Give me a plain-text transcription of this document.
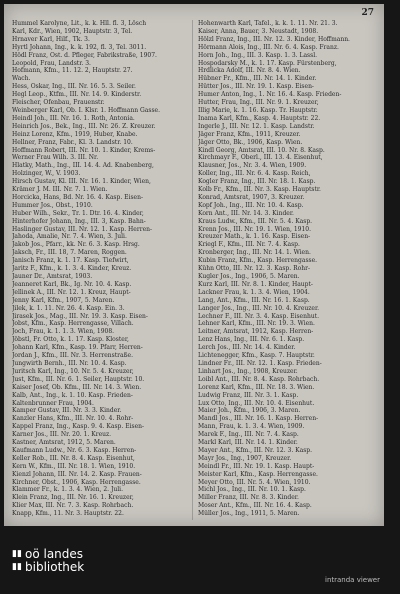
27
Hummel Karolyne, Lit., k. k. Hll. fl. 3, Lösch
Karl, Kdr., Wien, 1902, Hauptstr. 3, Tel.
Hrnaver Karl, Hilf., Tk. 3.
Hyrtl Johann, Ing., k. k. 192, fl. 3, Tel. 3011.
Hödl Franz, Ost. d. Pfleger, Fabrikstraße, 1907.
Leopold, Frau, Landstr. 3.
Hofmann, Kfm., 11. 12. 2, Hauptstr. 27.
Wach.
Hess, Oskar, Ing., III. Nr. 16. 5. 3. Seiler.
Hegl Leop., Ktfm., III. Nr. 14. 9. Kinderstr.
Fleischer, Ofenbau, Frauenstr.
Weinberger Karl, Ob. I. Klsr. 1. Hoffmann Gasse.
Heindl Joh., III. Nr. 16. 1. Roth, Antonia.
Heinrich Jos., Bek., Ing., III. Nr. 26. Z. Kreuzer.
Heinz Lorenz, Kfm., 1919, Huber, Knabe.
Hellner, Franz, Fabr., Kl. 3. Landstr. 10.
Hoffmann Robert, III. Nr. 10. 1. Kinder, Krems-
Werner Frau Wilh. 3. III. Nr.
Hlatky, Math., Ing., III. 14. 4. Ad. Knabenberg,
Holzinger, W., V. 1903.
Hirsch Gustav, Kl. III. Nr. 16. 1. Kinder, Wien,
Krämer J. M. III. Nr. 7. 1. Wien.
Horcicka, Hans, Bd. Nr. 16. 4. Kasp. Eisen-
Hummer Jos., Obst., 1910.
Huber Wilh., Sekr., Tr. 1. Dtr. 16. 4. Kinder,
Hinterhofer Johann, Ing., III. 3, Kasp. Bahn-
Haslinger Gustav, III. Nr. 12. 1. Kasp. Herren-
Jahoda, Amalie, Nr. 7. 4. Wien, 3. Juli.
Jakob Jos., Pfarr., kk. Nr. 6. 3. Kasp. Hrsg.
Jaksch, Fr., III. 18, 7. Maren, Roggen.
Janisch Franz, k. 1. 17. Kasp. Tiefwirt,
Jaritz F., Kfm., k. 1. 3. 4. Kinder, Kreuz.
Jauner Dr., Amtsrat, 1903.
Jeanneret Karl, Bk., Ig. Nr. 10. 4. Kasp.
Jellinek A., III. Nr. 12. 1. Kreuz, Haupt-
Jenny Karl, Kfm., 1907, 5. Maren.
Jilek, k. 1. 11. Nr. 26. 4. Kasp. Ein. 3.
Jirasek Jos., Mag., III. Nr. 19. 3. Kasp. Eisen-
Jobst, Kfm., Kasp. Herrengasse, Villach.
Joch, Frau, k. 1. 1. 3. Wien, 1908.
Jöbstl, Fr. Otto, k. 1. 17. Kasp. Kloster,
Johann Karl, Kfm., Kasp. 19. Pfarr, Herren-
Jordan J., Kfm., III. Nr. 3. Herrenstraße.
Jungwirth Bernh., III. Nr. 10. 4. Kasp.
Juritsch Karl, Ing., 10. Nr. 5. 4. Kreuzer,
Just, Kfm., III. Nr. 6. 1. Seiler, Hauptstr. 10.
Kaiser Josef, Ob. Kfm., III. Nr. 14. 3. Wien.
Kalb, Ant., Ing., k. 1. 10. Kasp. Frieden-
Kaltenbrunner Frau, 1904.
Kamper Gustav, III. Nr. 3. 3. Kinder.
Kanzler Hans, Kfm., III. Nr. 10. 4. Rohr-
Kappel Franz, Ing., Kasp. 9. 4. Kasp. Eisen-
Karner Jos., III. Nr. 20. 1. Kreuz.
Kastner, Amtsrat, 1912, 5. Maren.
Kaufmann Ludw., Nr. 6. 3. Kasp. Herren-
Keller Rob., III. Nr. 8. 4. Kasp. Eisenhut,
Kern W., Kfm., III. Nr. 18. 1. Wien, 1910.
Kienzl Johann, III. Nr. 14. 2. Kasp. Frauen-
Kirchner, Obst., 1906, Kasp. Herrengasse.
Klammer Fr., k. 1. 3. 4. Wien, 2. Juli.
Klein Franz, Ing., III. Nr. 16. 1. Kreuzer,
Klier Max, III. Nr. 7. 3. Kasp. Rohrbach.
Knapp, Kfm., 11. Nr. 3. Hauptstr. 22.
Hohenwarth Karl, Tafel., k. k. 1. 11. Nr. 21. 3.
Kaiser, Anna, Bauer, 3. Neustadt, 1908.
Hölzl Franz, Ing., III. Nr. 12. 3. Kinder, Hoffmann.
Hörmann Alois, Ing., III. Nr. 6. 4. Kasp. Franz.
Horn Joh., Ing., III. 3. Kasp. 1. 3. Lassl.
Hospodarsky M., k. 1. 17. Kasp. Fürstenberg,
Hrdlicka Adolf, III. Nr. 8. 4. Wien.
Hübner Fr., Kfm., III. Nr. 14. 1. Kinder.
Hütter Jos., III. Nr. 19. 1. Kasp. Eisen-
Humer Anton, Ing., 1. Nr. 16. 4. Kasp. Frieden-
Hutter, Frau, Ing., III. Nr. 9. 1. Kreuzer,
Illig Marie, k. 1. 16. Kasp. Tr. Hauptstr.
Inama Karl, Kfm., Kasp. 4. Hauptstr. 22.
Ingerle J., III. Nr. 12. 1. Kasp. Landstr.
Jäger Franz, Kfm., 1911, Kreuzer.
Jäger Otto, Bk., 1906, Kasp. Wien.
Kindl Georg, Amtsrat, III. 10. Nr. 8. Kasp.
Kirchmayr F., Oberl., III. 13. 4. Eisenhut,
Klausner, Jos., Nr. 3. 4. Wien, 1909.
Koller, Ing., III. Nr. 6. 4. Kasp. Reich,
Kogler Franz, Ing., III. Nr. 18. 1. Kasp.
Kolb Fr., Kfm., III. Nr. 3. Kasp. Hauptstr.
Konrad, Amtsrat, 1907, 3. Kreuzer.
Kopf Joh., Ing., III. Nr. 10. 4. Kasp.
Korn Ant., III. Nr. 14. 3. Kinder.
Kraus Ludw., Kfm., III. Nr. 5. 4. Kasp.
Krenn Jos., III. Nr. 19. 1. Wien, 1910.
Kreuzer Math., k. 1. 16. Kasp. Eisen-
Kriegl F., Kfm., III. Nr. 7. 4. Kasp.
Kronberger, Ing., III. Nr. 14. 1. Wien.
Kubin Franz, Kfm., Kasp. Herrengasse.
Kühn Otto, III. Nr. 12. 3. Kasp. Rohr-
Kugler Jos., Ing., 1906, 5. Maren.
Kurz Karl, III. Nr. 8. 1. Kinder, Haupt-
Lackner Frau, k. 1. 3. 4. Wien, 1904.
Lang, Ant., Kfm., III. Nr. 16. 1. Kasp.
Langer Jos., Ing., III. Nr. 10. 4. Kreuzer.
Lechner F., III. Nr. 3. 4. Kasp. Eisenhut.
Lehner Karl, Kfm., III. Nr. 19. 3. Wien.
Leitner, Amtsrat, 1912, Kasp. Herren-
Lenz Hans, Ing., III. Nr. 6. 1. Kasp.
Lerch Jos., III. Nr. 14. 4. Kinder.
Lichtenegger, Kfm., Kasp. 7. Hauptstr.
Lindner Fr., III. Nr. 12. 1. Kasp. Frieden-
Linhart Jos., Ing., 1908, Kreuzer.
Loibl Ant., III. Nr. 8. 4. Kasp. Rohrbach.
Lorenz Karl, Kfm., III. Nr. 18. 3. Wien.
Ludwig Franz, III. Nr. 3. 1. Kasp.
Lux Otto, Ing., III. Nr. 10. 4. Eisenhut.
Maier Joh., Kfm., 1906, 3. Maren.
Mandl Jos., III. Nr. 16. 1. Kasp. Herren-
Mann, Frau, k. 1. 3. 4. Wien, 1909.
Marek F., Ing., III. Nr. 7. 4. Kasp.
Markl Karl, III. Nr. 14. 1. Kinder.
Mayer Ant., Kfm., III. Nr. 12. 3. Kasp.
Mayr Jos., Ing., 1907, Kreuzer.
Meindl Fr., III. Nr. 19. 1. Kasp. Haupt-
Meister Karl, Kfm., Kasp. Herrengasse.
Meyer Otto, III. Nr. 5. 4. Wien, 1910.
Michl Jos., Ing., III. Nr. 10. 1. Kasp.
Miller Franz, III. Nr. 8. 3. Kinder.
Moser Ant., Kfm., III. Nr. 16. 4. Kasp.
Müller Jos., Ing., 1911, 5. Maren.
▮▮ oö landes
▮▮ bibliothek
intranda viewer
